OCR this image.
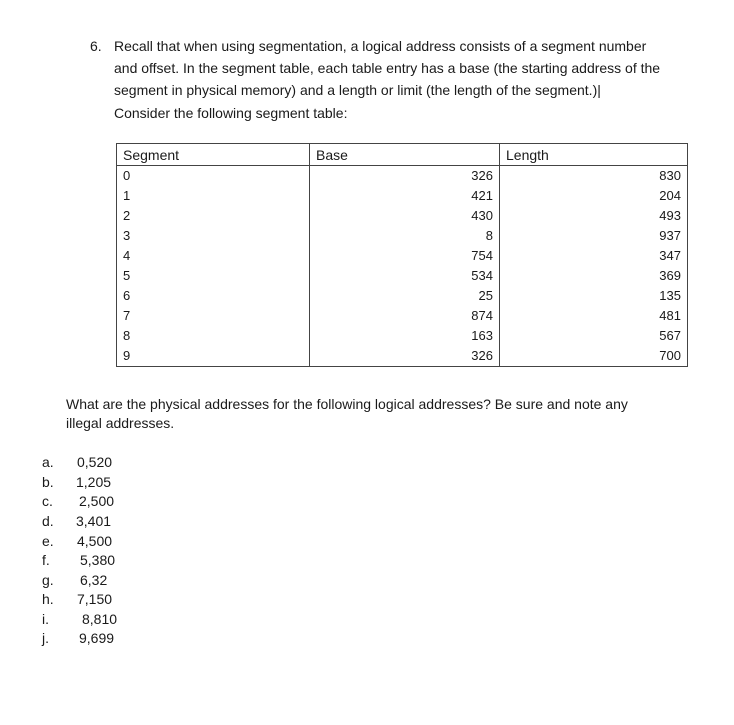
6. Recall that when using segmentation, a logical address consists of a segment number
and offset. In the segment table, each table entry has a base (the starting address of the
segment in physical memory) and a length or limit (the length of the segment.)|
Consider the following segment table:
Segment	Base	Length
0	326	830
1	421	204
2	430	493
3	8	937
4	754	347
5	534	369
6	25	135
7	874	481
8	163	567
9	326	700
What are the physical addresses for the following logical addresses? Be sure and note any
illegal addresses.
a. 0,520
b. 1,205
c. 2,500
d. 3,401
e. 4,500
f. 5,380
g. 6,32
h. 7,150
i. 8,810
j. 9,699
